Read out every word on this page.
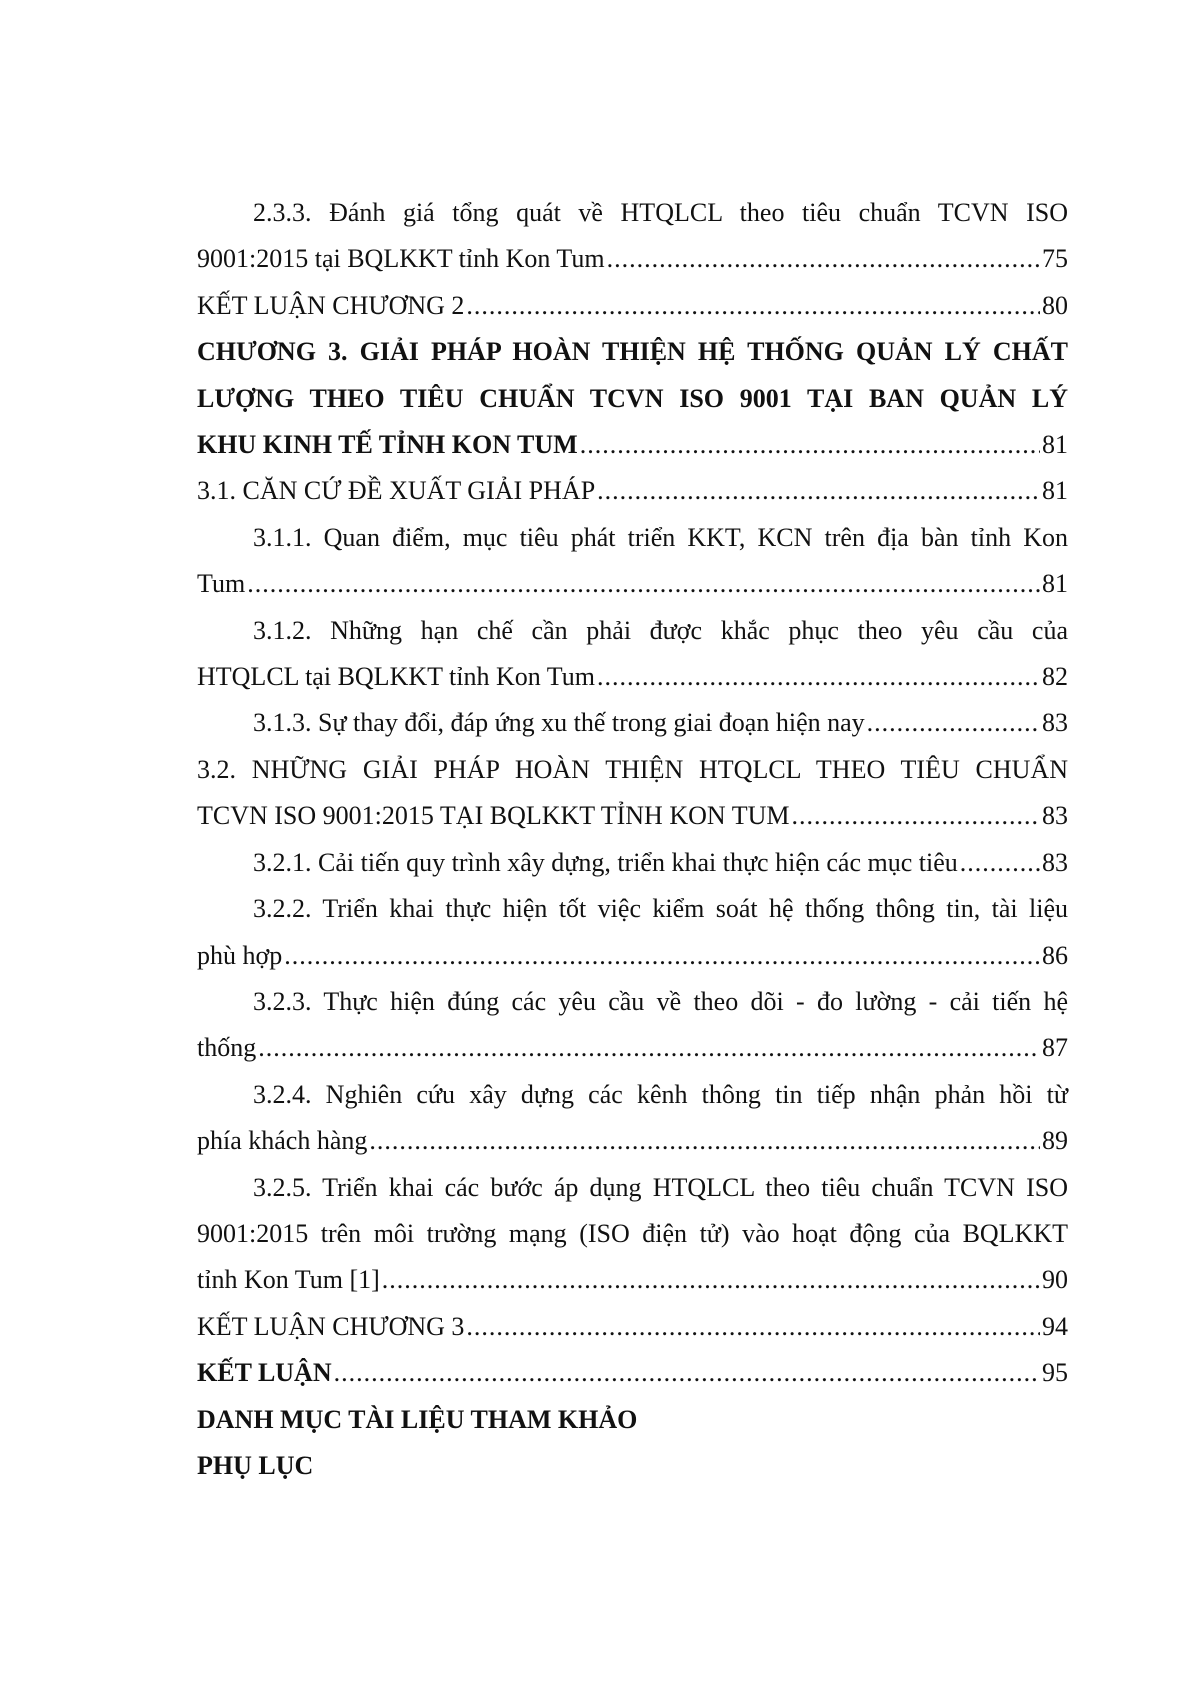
2.3.3. Đánh giá tổng quát về HTQLCL theo tiêu chuẩn TCVN ISO

9001:2015 tại BQLKKT tỉnh Kon Tum .....	75
KẾT LUẬN CHƯƠNG 2 .....	80

CHƯƠNG 3. GIẢI PHÁP HOÀN THIỆN HỆ THỐNG QUẢN LÝ CHẤT

LƯỢNG THEO TIÊU CHUẨN TCVN ISO 9001 TẠI BAN QUẢN LÝ

KHU KINH TẾ TỈNH KON TUM .....	81
3.1. CĂN CỨ ĐỀ XUẤT GIẢI PHÁP .....	81

3.1.1. Quan điểm, mục tiêu phát triển KKT, KCN trên địa bàn tỉnh Kon

Tum .....	81

3.1.2. Những hạn chế cần phải được khắc phục theo yêu cầu của

HTQLCL tại BQLKKT tỉnh Kon Tum .....	82
3.1.3. Sự thay đổi, đáp ứng xu thế trong giai đoạn hiện nay .....	83

3.2. NHỮNG GIẢI PHÁP HOÀN THIỆN HTQLCL THEO TIÊU CHUẨN

TCVN ISO 9001:2015 TẠI BQLKKT TỈNH KON TUM .....	83
3.2.1. Cải tiến quy trình xây dựng, triển khai thực hiện các mục tiêu .....	83

3.2.2. Triển khai thực hiện tốt việc kiểm soát hệ thống thông tin, tài liệu

phù hợp .....	86

3.2.3. Thực hiện đúng các yêu cầu về theo dõi - đo lường - cải tiến hệ

thống .....	87

3.2.4. Nghiên cứu xây dựng các kênh thông tin tiếp nhận phản hồi từ

phía khách hàng .....	89

3.2.5. Triển khai các bước áp dụng HTQLCL theo tiêu chuẩn TCVN ISO

9001:2015 trên môi trường mạng (ISO điện tử) vào hoạt động của BQLKKT

tỉnh Kon Tum [1] .....	90
KẾT LUẬN CHƯƠNG 3 .....	94
KẾT LUẬN .....	95

DANH MỤC TÀI LIỆU THAM KHẢO

PHỤ LỤC
